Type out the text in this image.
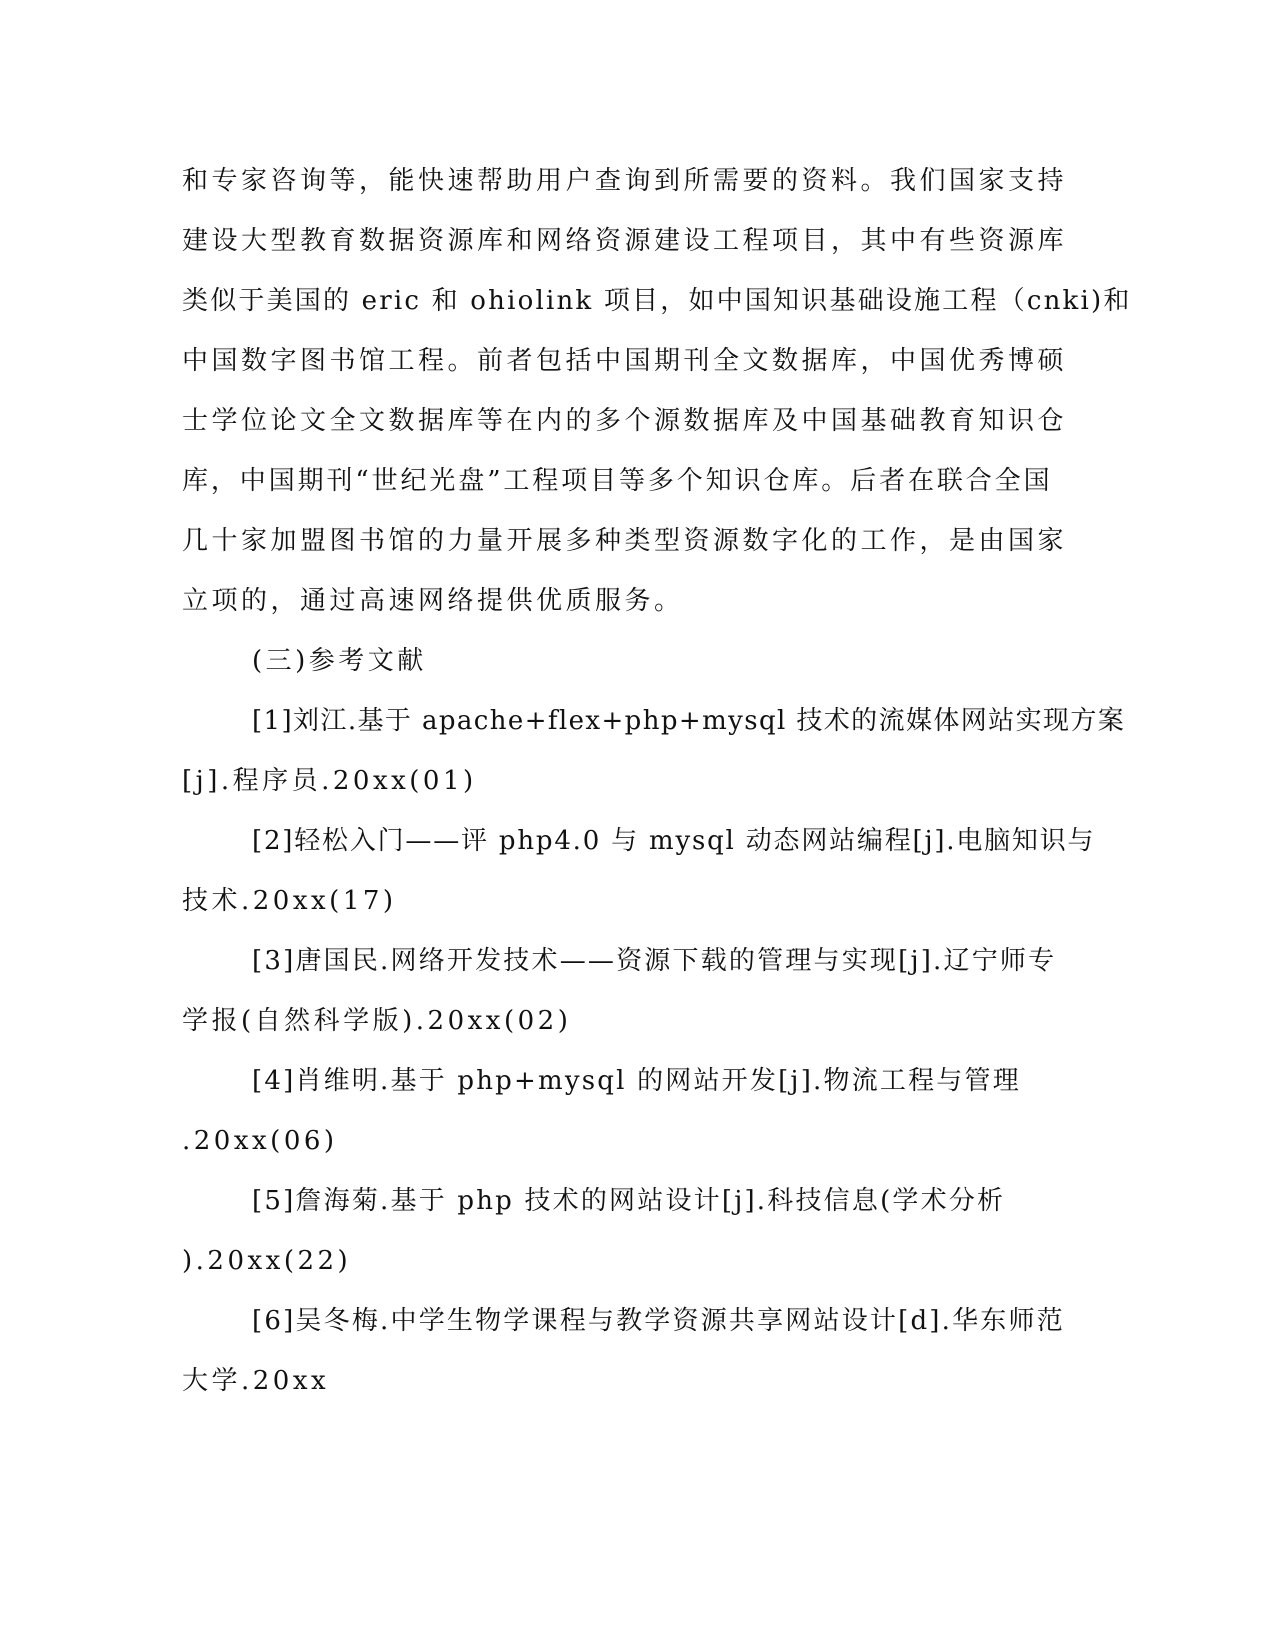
和专家咨询等，能快速帮助用户查询到所需要的资料。我们国家支持
建设大型教育数据资源库和网络资源建设工程项目，其中有些资源库
类似于美国的 eric 和 ohiolink 项目，如中国知识基础设施工程（cnki)和
中国数字图书馆工程。前者包括中国期刊全文数据库，中国优秀博硕
士学位论文全文数据库等在内的多个源数据库及中国基础教育知识仓
库，中国期刊“世纪光盘”工程项目等多个知识仓库。后者在联合全国
几十家加盟图书馆的力量开展多种类型资源数字化的工作，是由国家
立项的，通过高速网络提供优质服务。
(三)参考文献
[1]刘江.基于 apache+flex+php+mysql 技术的流媒体网站实现方案
[j].程序员.20xx(01)
[2]轻松入门——评 php4.0 与 mysql 动态网站编程[j].电脑知识与
技术.20xx(17)
[3]唐国民.网络开发技术——资源下载的管理与实现[j].辽宁师专
学报(自然科学版).20xx(02)
[4]肖维明.基于 php+mysql 的网站开发[j].物流工程与管理
.20xx(06)
[5]詹海菊.基于 php 技术的网站设计[j].科技信息(学术分析
).20xx(22)
[6]吴冬梅.中学生物学课程与教学资源共享网站设计[d].华东师范
大学.20xx
